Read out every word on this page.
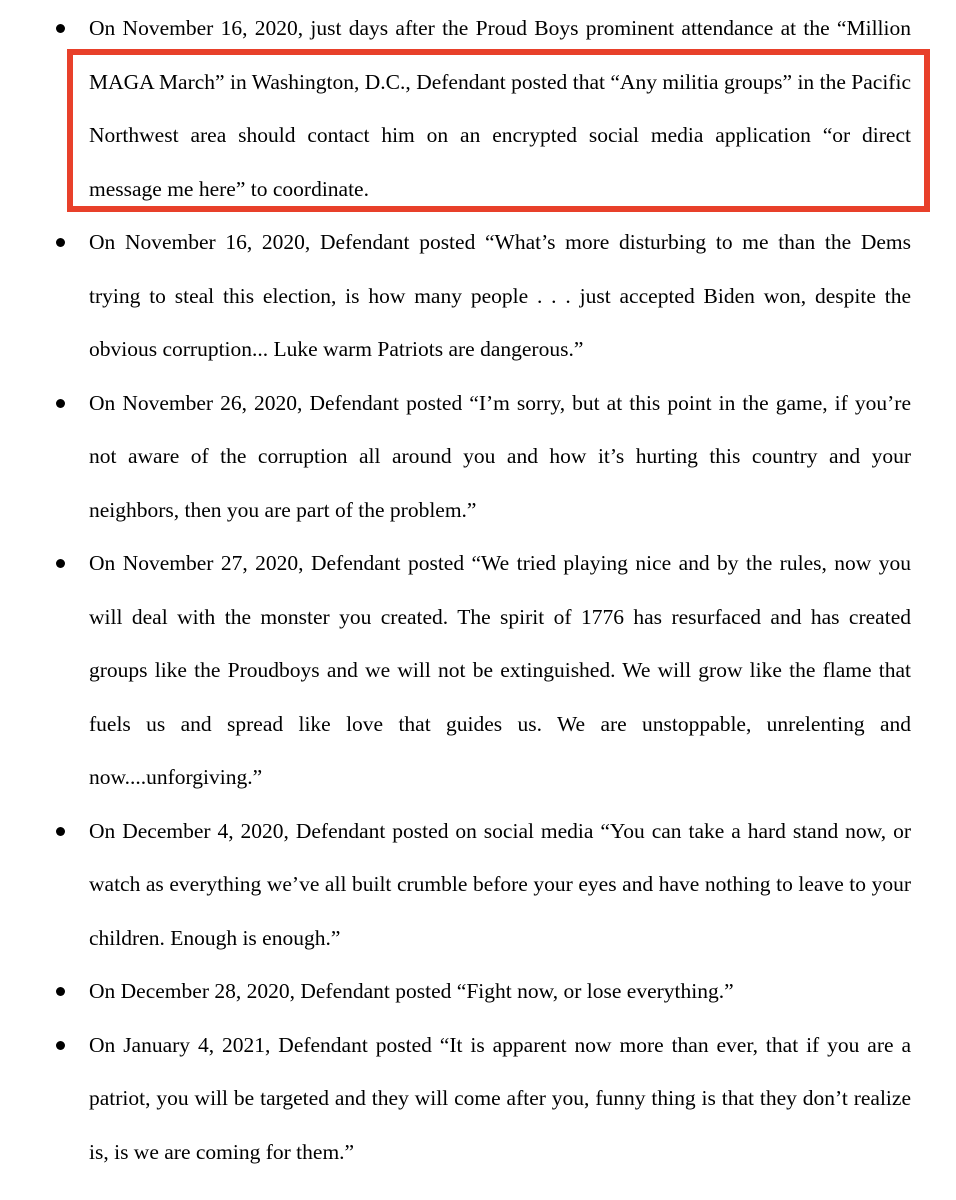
On November 16, 2020, just days after the Proud Boys prominent attendance at the “Million MAGA March” in Washington, D.C., Defendant posted that “Any militia groups” in the Pacific Northwest area should contact him on an encrypted social media application “or direct message me here” to coordinate.
On November 16, 2020, Defendant posted “What’s more disturbing to me than the Dems trying to steal this election, is how many people . . . just accepted Biden won, despite the obvious corruption... Luke warm Patriots are dangerous.”
On November 26, 2020, Defendant posted “I’m sorry, but at this point in the game, if you’re not aware of the corruption all around you and how it’s hurting this country and your neighbors, then you are part of the problem.”
On November 27, 2020, Defendant posted “We tried playing nice and by the rules, now you will deal with the monster you created. The spirit of 1776 has resurfaced and has created groups like the Proudboys and we will not be extinguished. We will grow like the flame that fuels us and spread like love that guides us. We are unstoppable, unrelenting and now....unforgiving.”
On December 4, 2020, Defendant posted on social media “You can take a hard stand now, or watch as everything we’ve all built crumble before your eyes and have nothing to leave to your children. Enough is enough.”
On December 28, 2020, Defendant posted “Fight now, or lose everything.”
On January 4, 2021, Defendant posted “It is apparent now more than ever, that if you are a patriot, you will be targeted and they will come after you, funny thing is that they don’t realize is, is we are coming for them.”
